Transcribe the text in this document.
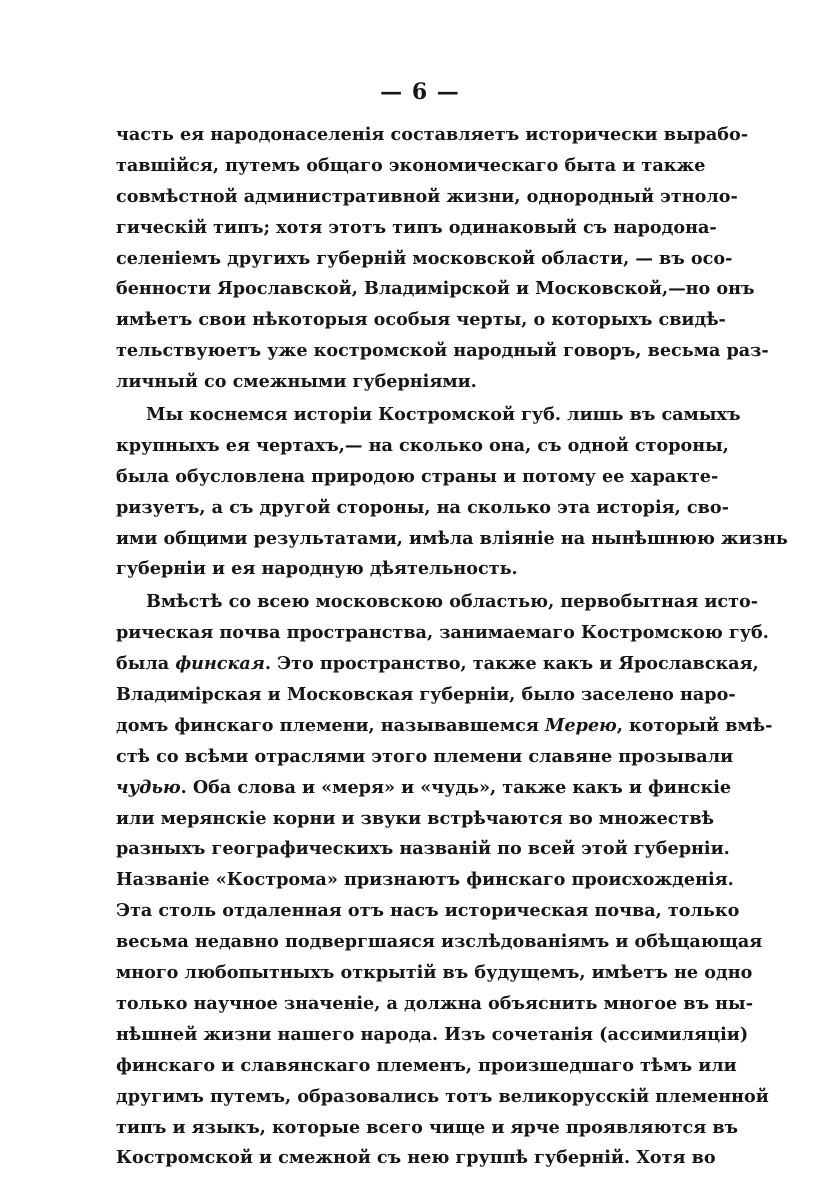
— 6 —
часть ея народонаселенія составляетъ исторически вырабо-
тавшійся, путемъ общаго экономическаго быта и также
совмѣстной административной жизни, однородный этноло-
гическій типъ; хотя этотъ типъ одинаковый съ народона-
селеніемъ другихъ губерній московской области, — въ осо-
бенности Ярославской, Владимірской и Московской,—но онъ
имѣетъ свои нѣкоторыя особыя черты, о которыхъ свидѣ-
тельствуюетъ уже костромской народный говоръ, весьма раз-
личный со смежными губерніями.
Мы коснемся исторіи Костромской губ. лишь въ самыхъ
крупныхъ ея чертахъ,— на сколько она, съ одной стороны,
была обусловлена природою страны и потому ее характе-
ризуетъ, а съ другой стороны, на сколько эта исторія, сво-
ими общими результатами, имѣла вліяніе на нынѣшнюю жизнь
губерніи и ея народную дѣятельность.
Вмѣстѣ со всею московскою областью, первобытная исто-
рическая почва пространства, занимаемаго Костромскою губ.
была финская. Это пространство, также какъ и Ярославская,
Владимірская и Московская губерніи, было заселено наро-
домъ финскаго племени, называвшемся Мерею, который вмѣ-
стѣ со всѣми отраслями этого племени славяне прозывали
чудью. Оба слова и «меря» и «чудь», также какъ и финскіе
или мерянскіе корни и звуки встрѣчаются во множествѣ
разныхъ географическихъ названій по всей этой губерніи.
Названіе «Кострома» признаютъ финскаго происхожденія.
Эта столь отдаленная отъ насъ историческая почва, только
весьма недавно подвергшаяся изслѣдованіямъ и обѣщающая
много любопытныхъ открытій въ будущемъ, имѣетъ не одно
только научное значеніе, а должна объяснить многое въ ны-
нѣшней жизни нашего народа. Изъ сочетанія (ассимиляціи)
финскаго и славянскаго племенъ, произшедшаго тѣмъ или
другимъ путемъ, образовались тотъ великорусскій племенной
типъ и языкъ, которые всего чище и ярче проявляются въ
Костромской и смежной съ нею группѣ губерній. Хотя во
